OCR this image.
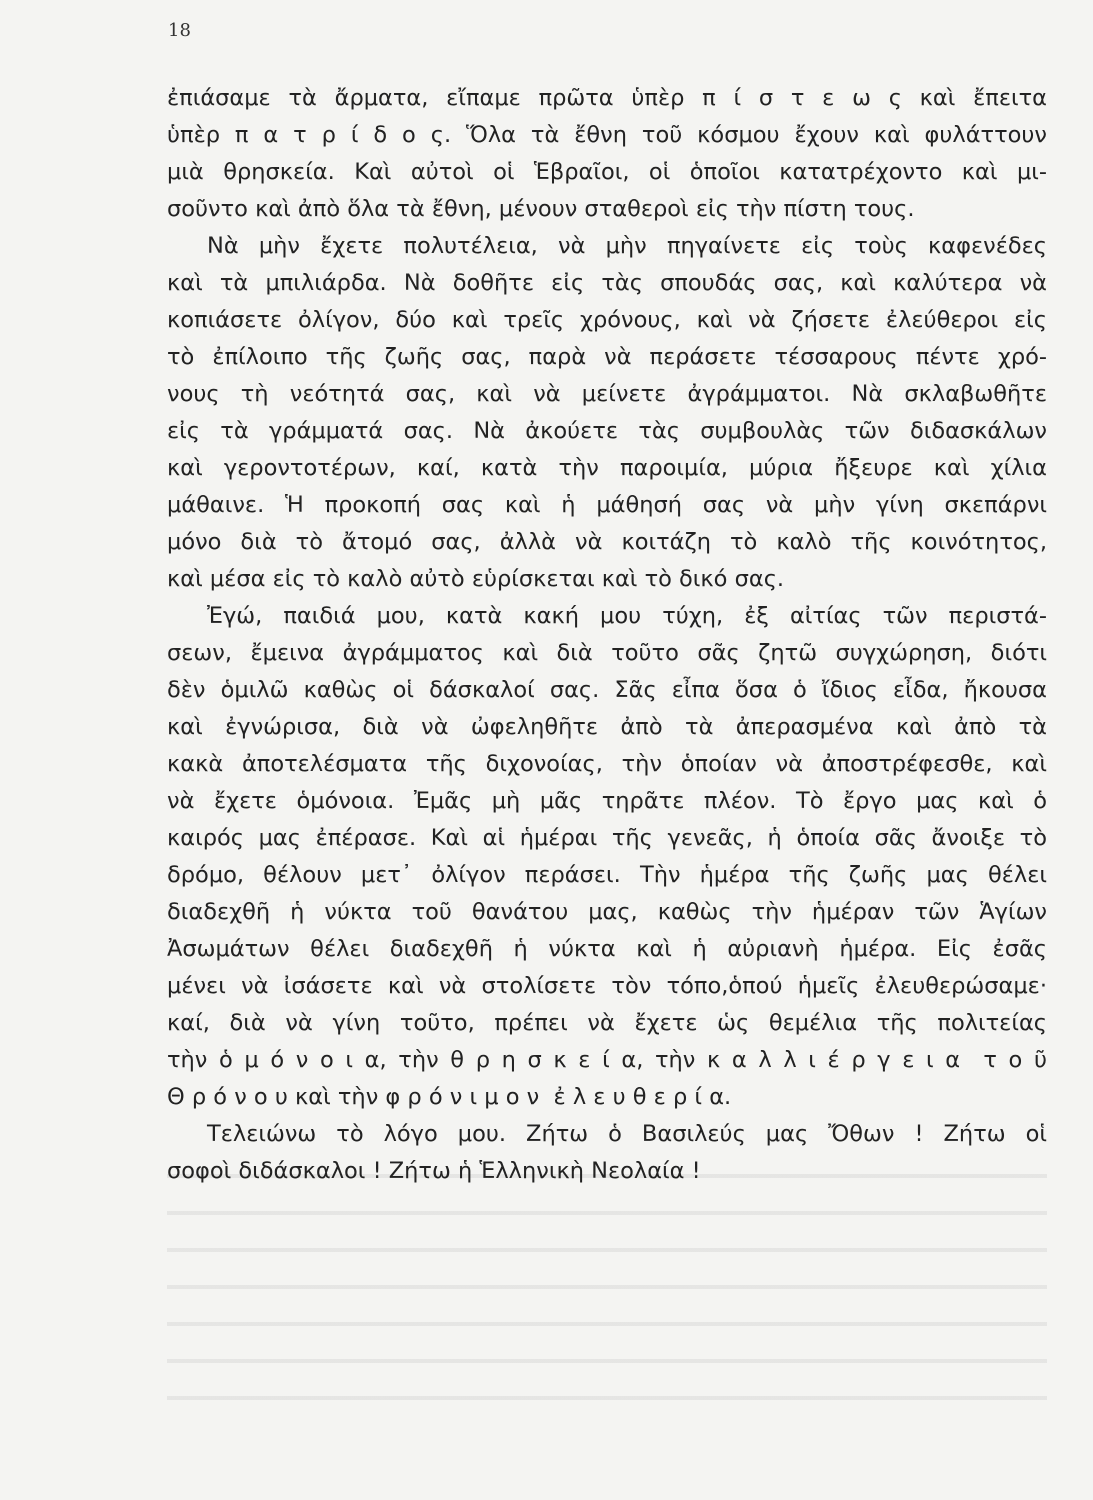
18
ἐπιάσαμε τὰ ἄρματα, εἴπαμε πρῶτα ὑπὲρ π ί σ τ ε ω ς καὶ ἔπειτα
ὑπὲρ π α τ ρ ί δ ο ς. Ὅλα τὰ ἔθνη τοῦ κόσμου ἔχουν καὶ φυλάττουν
μιὰ θρησκεία. Καὶ αὐτοὶ οἱ Ἑβραῖοι, οἱ ὁποῖοι κατατρέχοντο καὶ μι-
σοῦντο καὶ ἀπὸ ὅλα τὰ ἔθνη, μένουν σταθεροὶ εἰς τὴν πίστη τους.
Νὰ μὴν ἔχετε πολυτέλεια, νὰ μὴν πηγαίνετε εἰς τοὺς καφενέδες
καὶ τὰ μπιλιάρδα. Νὰ δοθῆτε εἰς τὰς σπουδάς σας, καὶ καλύτερα νὰ
κοπιάσετε ὀλίγον, δύο καὶ τρεῖς χρόνους, καὶ νὰ ζήσετε ἐλεύθεροι εἰς
τὸ ἐπίλοιπο τῆς ζωῆς σας, παρὰ νὰ περάσετε τέσσαρους πέντε χρό-
νους τὴ νεότητά σας, καὶ νὰ μείνετε ἀγράμματοι. Νὰ σκλαβωθῆτε
εἰς τὰ γράμματά σας. Νὰ ἀκούετε τὰς συμβουλὰς τῶν διδασκάλων
καὶ γεροντοτέρων, καί, κατὰ τὴν παροιμία, μύρια ἤξευρε καὶ χίλια
μάθαινε. Ἡ προκοπή σας καὶ ἡ μάθησή σας νὰ μὴν γίνη σκεπάρνι
μόνο διὰ τὸ ἄτομό σας, ἀλλὰ νὰ κοιτάζη τὸ καλὸ τῆς κοινότητος,
καὶ μέσα εἰς τὸ καλὸ αὐτὸ εὑρίσκεται καὶ τὸ δικό σας.
Ἐγώ, παιδιά μου, κατὰ κακή μου τύχη, ἐξ αἰτίας τῶν περιστά-
σεων, ἔμεινα ἀγράμματος καὶ διὰ τοῦτο σᾶς ζητῶ συγχώρηση, διότι
δὲν ὁμιλῶ καθὼς οἱ δάσκαλοί σας. Σᾶς εἶπα ὅσα ὁ ἴδιος εἶδα, ἤκουσα
καὶ ἐγνώρισα, διὰ νὰ ὠφεληθῆτε ἀπὸ τὰ ἀπερασμένα καὶ ἀπὸ τὰ
κακὰ ἀποτελέσματα τῆς διχονοίας, τὴν ὁποίαν νὰ ἀποστρέφεσθε, καὶ
νὰ ἔχετε ὁμόνοια. Ἐμᾶς μὴ μᾶς τηρᾶτε πλέον. Τὸ ἔργο μας καὶ ὁ
καιρός μας ἐπέρασε. Καὶ αἱ ἡμέραι τῆς γενεᾶς, ἡ ὁποία σᾶς ἄνοιξε τὸ
δρόμο, θέλουν μετ᾽ ὀλίγον περάσει. Τὴν ἡμέρα τῆς ζωῆς μας θέλει
διαδεχθῆ ἡ νύκτα τοῦ θανάτου μας, καθὼς τὴν ἡμέραν τῶν Ἁγίων
Ἀσωμάτων θέλει διαδεχθῆ ἡ νύκτα καὶ ἡ αὐριανὴ ἡμέρα. Εἰς ἐσᾶς
μένει νὰ ἰσάσετε καὶ νὰ στολίσετε τὸν τόπο,ὁπού ἡμεῖς ἐλευθερώσαμε·
καί, διὰ νὰ γίνη τοῦτο, πρέπει νὰ ἔχετε ὡς θεμέλια τῆς πολιτείας
τὴν ὁ μ ό ν ο ι α, τὴν θ ρ η σ κ ε ί α, τὴν κ α λ λ ι έ ρ γ ε ι α  τ ο ῦ
Θ ρ ό ν ο υ καὶ τὴν φ ρ ό ν ι μ ο ν  ἐ λ ε υ θ ε ρ ί α.
Τελειώνω τὸ λόγο μου. Ζήτω ὁ Βασιλεύς μας Ὄθων ! Ζήτω οἱ
σοφοὶ διδάσκαλοι ! Ζήτω ἡ Ἑλληνικὴ Νεολαία !
